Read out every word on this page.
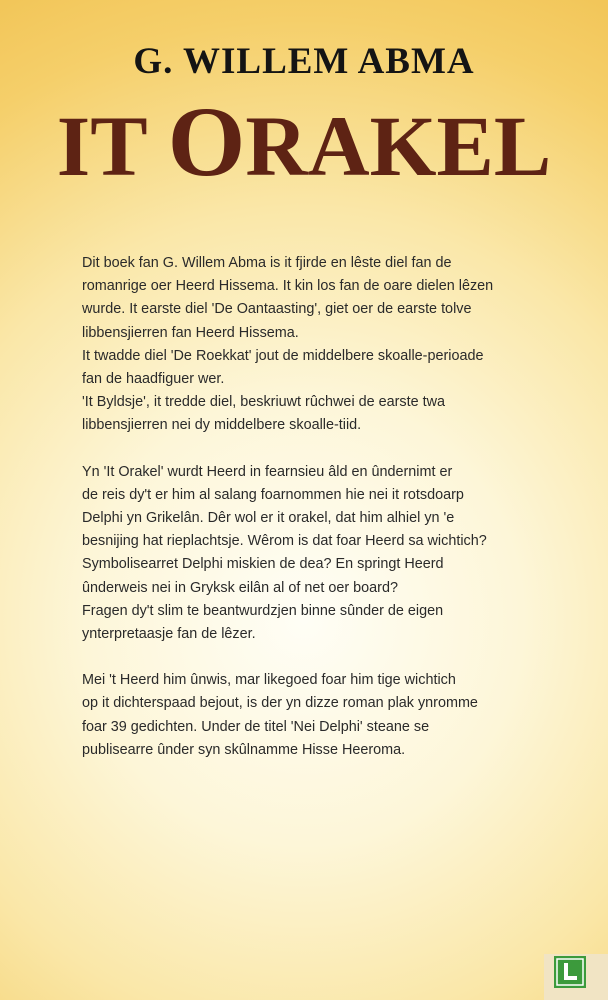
G. WILLEM ABMA
IT ORAKEL

Dit boek fan G. Willem Abma is it fjirde en lêste diel fan de
romanrige oer Heerd Hissema. It kin los fan de oare dielen lêzen
wurde. It earste diel 'De Oantaasting', giet oer de earste tolve
libbensjierren fan Heerd Hissema.
It twadde diel 'De Roekkat' jout de middelbere skoalle-perioade
fan de haadfiguer wer.
'It Byldsje', it tredde diel, beskriuwt rûchwei de earste twa
libbensjierren nei dy middelbere skoalle-tiid.

Yn 'It Orakel' wurdt Heerd in fearnsieu âld en ûndernimt er
de reis dy't er him al salang foarnommen hie nei it rotsdoarp
Delphi yn Grikelân. Dêr wol er it orakel, dat him alhiel yn 'e
besnijing hat rieplachtsje. Wêrom is dat foar Heerd sa wichtich?
Symbolisearret Delphi miskien de dea? En springt Heerd
ûnderweis nei in Gryksk eilân al of net oer board?
Fragen dy't slim te beantwurdzjen binne sûnder de eigen
ynterpretaasje fan de lêzer.

Mei 't Heerd him ûnwis, mar likegoed foar him tige wichtich
op it dichterspaad bejout, is der yn dizze roman plak ynromme
foar 39 gedichten. Under de titel 'Nei Delphi' steane se
publisearre ûnder syn skûlnamme Hisse Heeroma.
